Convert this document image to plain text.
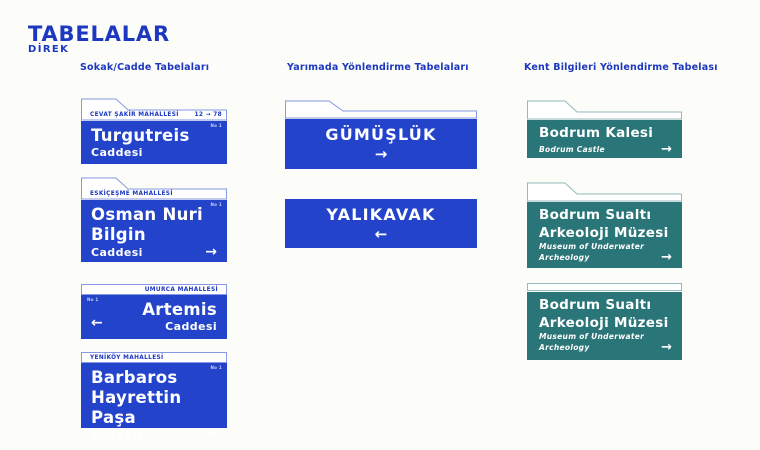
TABELALAR
DİREK
Sokak/Cadde Tabelaları	Yarımada Yönlendirme Tabelaları	Kent Bilgileri Yönlendirme Tabelası
CEVAT ŞAKİR MAHALLESİ	12 → 78
No 1
Turgutreis
Caddesi
ESKİÇEŞME MAHALLESİ
No 1
Osman Nuri
Bilgin
Caddesi	→
UMURCA MAHALLESİ
No 1
Artemis
Caddesi
←
YENİKÖY MAHALLESİ
No 1
Barbaros
Hayrettin Paşa
Caddesi	→
GÜMÜŞLÜK
→
YALIKAVAK
←
Bodrum Kalesi
Bodrum Castle	→
Bodrum Sualtı
Arkeoloji Müzesi
Museum of Underwater
Archeology	→
Bodrum Sualtı
Arkeoloji Müzesi
Museum of Underwater
Archeology	→
